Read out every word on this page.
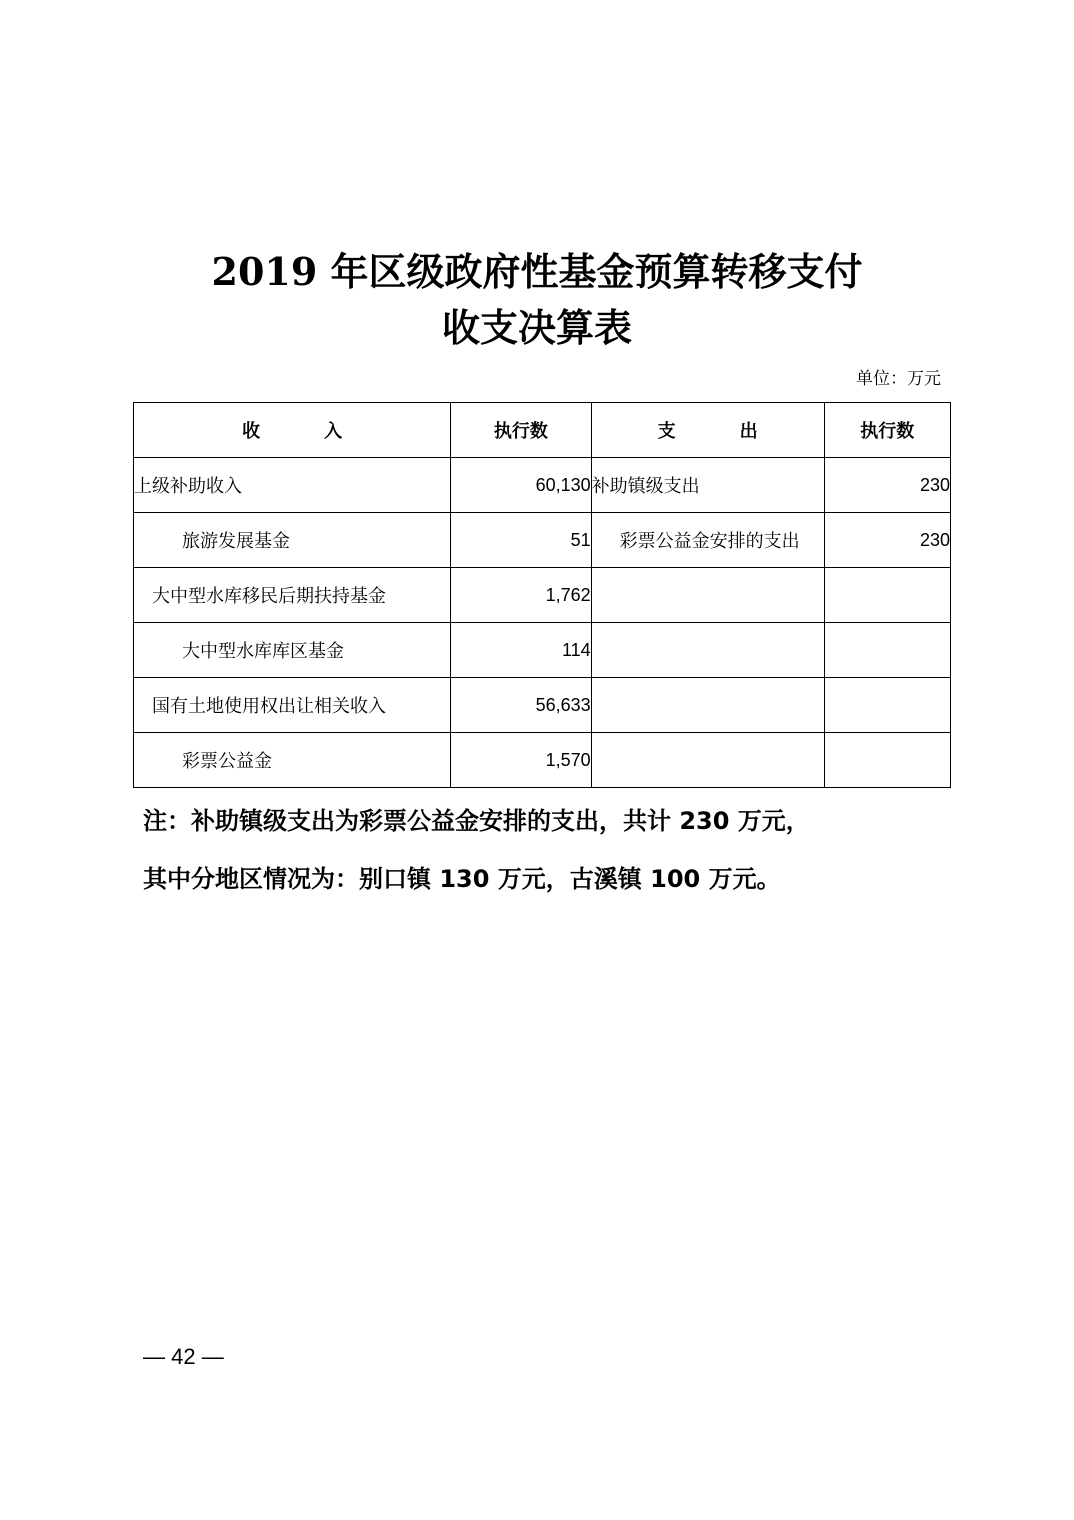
2019 年区级政府性基金预算转移支付
收支决算表
单位：万元
收 入	执行数	支 出	执行数
上级补助收入	60,130	补助镇级支出	230
旅游发展基金	51	彩票公益金安排的支出	230
大中型水库移民后期扶持基金	1,762		
大中型水库库区基金	114		
国有土地使用权出让相关收入	56,633		
彩票公益金	1,570		
注：补助镇级支出为彩票公益金安排的支出，共计 230 万元，
其中分地区情况为：别口镇 130 万元，古溪镇 100 万元。
— 42 —
